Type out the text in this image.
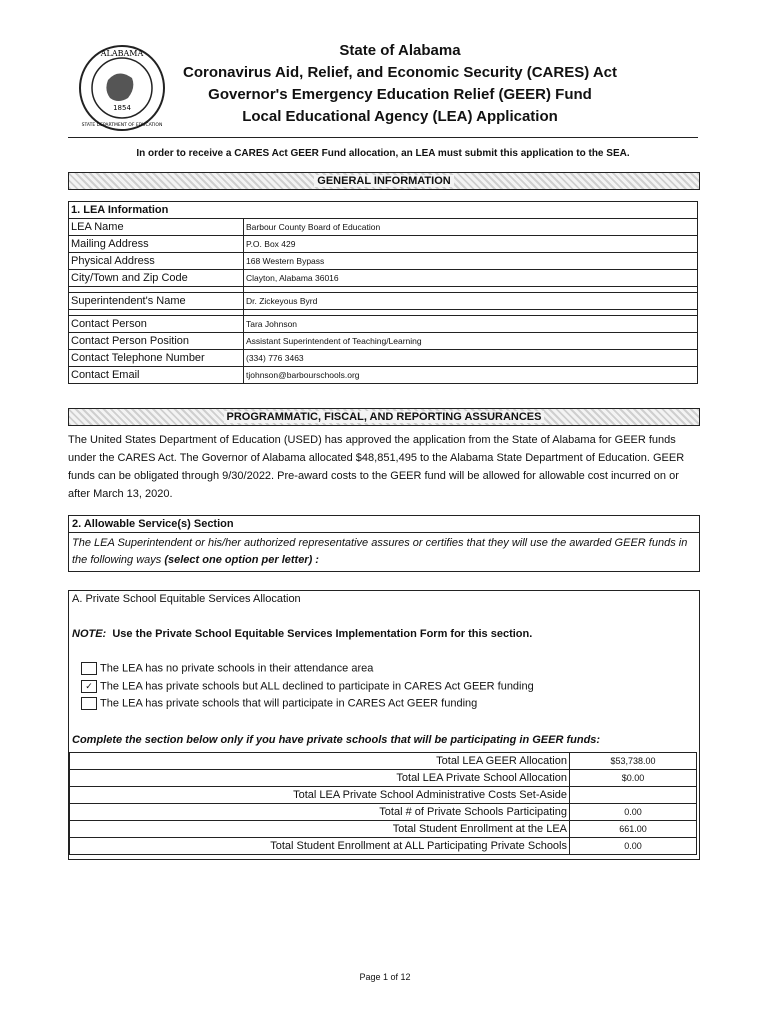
ALABAMA
1854
STATE DEPARTMENT OF EDUCATION
State of Alabama
Coronavirus Aid, Relief, and Economic Security (CARES) Act
Governor's Emergency Education Relief (GEER) Fund
Local Educational Agency (LEA) Application
In order to receive a CARES Act GEER Fund allocation, an LEA must submit this application to the SEA.
GENERAL INFORMATION
1. LEA Information	
LEA Name	Barbour County Board of Education
Mailing Address	P.O. Box 429
Physical Address	168 Western Bypass
City/Town and Zip Code	Clayton, Alabama 36016

Superintendent's Name	Dr. Zickeyous Byrd

Contact Person	Tara Johnson
Contact Person Position	Assistant Superintendent of Teaching/Learning
Contact Telephone Number	(334) 776 3463
Contact Email	tjohnson@barbourschools.org
PROGRAMMATIC, FISCAL, AND REPORTING ASSURANCES
The United States Department of Education (USED) has approved the application from the State of Alabama for GEER funds under the CARES Act. The Governor of Alabama allocated $48,851,495 to the Alabama State Department of Education. GEER funds can be obligated through 9/30/2022. Pre-award costs to the GEER fund will be allowed for allowable cost incurred on or after March 13, 2020.
2. Allowable Service(s) Section
The LEA Superintendent or his/her authorized representative assures or certifies that they will use the awarded GEER funds in the following ways (select one option per letter) :
A. Private School Equitable Services Allocation
NOTE: Use the Private School Equitable Services Implementation Form for this section.
The LEA has no private schools in their attendance area
✓ The LEA has private schools but ALL declined to participate in CARES Act GEER funding
The LEA has private schools that will participate in CARES Act GEER funding
Complete the section below only if you have private schools that will be participating in GEER funds:
Total LEA GEER Allocation	$53,738.00
Total LEA Private School Allocation	$0.00
Total LEA Private School Administrative Costs Set-Aside	
Total # of Private Schools Participating	0.00
Total Student Enrollment at the LEA	661.00
Total Student Enrollment at ALL Participating Private Schools	0.00
Page 1 of 12
